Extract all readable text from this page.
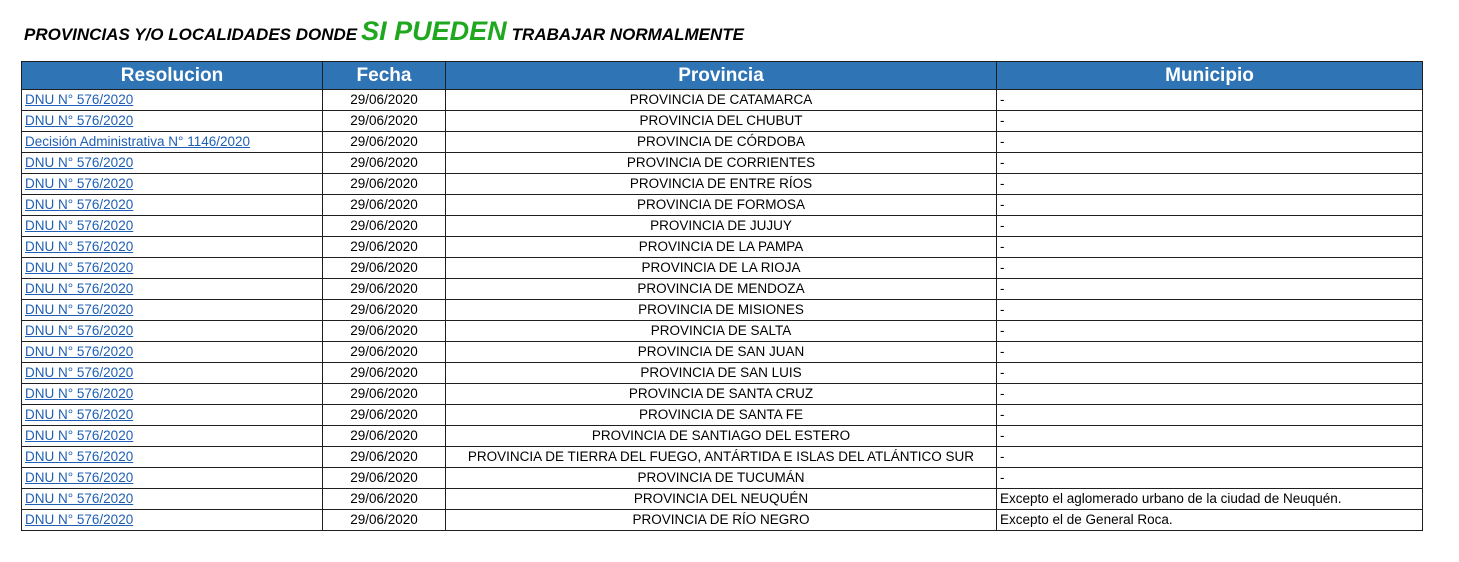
PROVINCIAS Y/O LOCALIDADES DONDE SI PUEDEN TRABAJAR NORMALMENTE
Resolucion	Fecha	Provincia	Municipio
DNU N° 576/2020	29/06/2020	PROVINCIA DE CATAMARCA	-
DNU N° 576/2020	29/06/2020	PROVINCIA DEL CHUBUT	-
Decisión Administrativa N° 1146/2020	29/06/2020	PROVINCIA DE CÓRDOBA	-
DNU N° 576/2020	29/06/2020	PROVINCIA DE CORRIENTES	-
DNU N° 576/2020	29/06/2020	PROVINCIA DE ENTRE RÍOS	-
DNU N° 576/2020	29/06/2020	PROVINCIA DE FORMOSA	-
DNU N° 576/2020	29/06/2020	PROVINCIA DE JUJUY	-
DNU N° 576/2020	29/06/2020	PROVINCIA DE LA PAMPA	-
DNU N° 576/2020	29/06/2020	PROVINCIA DE LA RIOJA	-
DNU N° 576/2020	29/06/2020	PROVINCIA DE MENDOZA	-
DNU N° 576/2020	29/06/2020	PROVINCIA DE MISIONES	-
DNU N° 576/2020	29/06/2020	PROVINCIA DE SALTA	-
DNU N° 576/2020	29/06/2020	PROVINCIA DE SAN JUAN	-
DNU N° 576/2020	29/06/2020	PROVINCIA DE SAN LUIS	-
DNU N° 576/2020	29/06/2020	PROVINCIA DE SANTA CRUZ	-
DNU N° 576/2020	29/06/2020	PROVINCIA DE SANTA FE	-
DNU N° 576/2020	29/06/2020	PROVINCIA DE SANTIAGO DEL ESTERO	-
DNU N° 576/2020	29/06/2020	PROVINCIA DE TIERRA DEL FUEGO, ANTÁRTIDA E ISLAS DEL ATLÁNTICO SUR	-
DNU N° 576/2020	29/06/2020	PROVINCIA DE TUCUMÁN	-
DNU N° 576/2020	29/06/2020	PROVINCIA DEL NEUQUÉN	Excepto el aglomerado urbano de la ciudad de Neuquén.
DNU N° 576/2020	29/06/2020	PROVINCIA DE RÍO NEGRO	Excepto el de General Roca.
